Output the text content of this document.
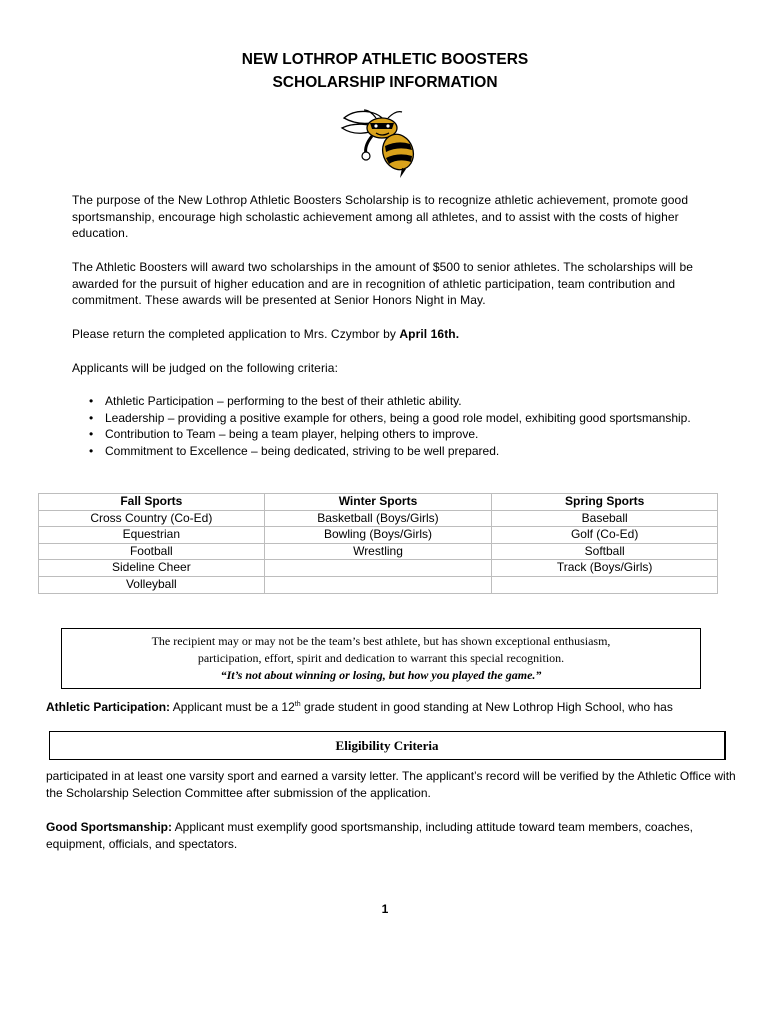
NEW LOTHROP ATHLETIC BOOSTERS
SCHOLARSHIP INFORMATION
The purpose of the New Lothrop Athletic Boosters Scholarship is to recognize athletic achievement, promote good sportsmanship, encourage high scholastic achievement among all athletes, and to assist with the costs of higher education.
The Athletic Boosters will award two scholarships in the amount of $500 to senior athletes. The scholarships will be awarded for the pursuit of higher education and are in recognition of athletic participation, team contribution and commitment. These awards will be presented at Senior Honors Night in May.
Please return the completed application to Mrs. Czymbor by April 16th.
Applicants will be judged on the following criteria:
• Athletic Participation – performing to the best of their athletic ability.
• Leadership – providing a positive example for others, being a good role model, exhibiting good sportsmanship.
• Contribution to Team – being a team player, helping others to improve.
• Commitment to Excellence – being dedicated, striving to be well prepared.
Fall Sports	Winter Sports	Spring Sports
Cross Country (Co-Ed)	Basketball (Boys/Girls)	Baseball
Equestrian	Bowling (Boys/Girls)	Golf (Co-Ed)
Football	Wrestling	Softball
Sideline Cheer		Track (Boys/Girls)
Volleyball		
The recipient may or may not be the team’s best athlete, but has shown exceptional enthusiasm,
participation, effort, spirit and dedication to warrant this special recognition.
“It’s not about winning or losing, but how you played the game.”
Athletic Participation: Applicant must be a 12th grade student in good standing at New Lothrop High School, who has
Eligibility Criteria
participated in at least one varsity sport and earned a varsity letter. The applicant’s record will be verified by the Athletic Office with the Scholarship Selection Committee after submission of the application.
Good Sportsmanship: Applicant must exemplify good sportsmanship, including attitude toward team members, coaches, equipment, officials, and spectators.
1
